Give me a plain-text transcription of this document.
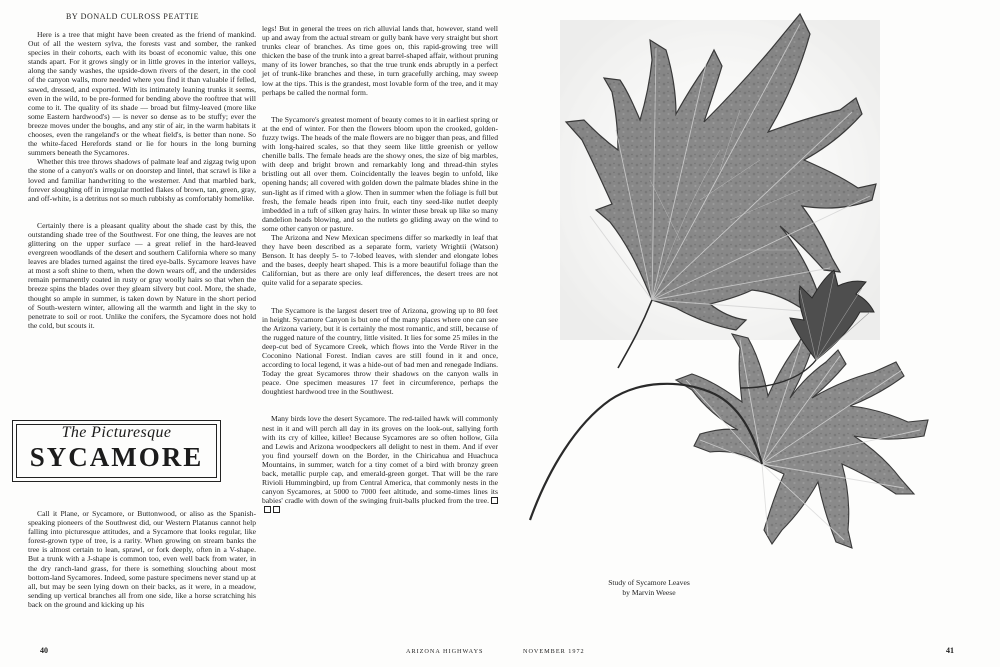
BY DONALD CULROSS PEATTIE

Here is a tree that might have been created as the friend of mankind. Out of all the western sylva, the forests vast and somber, the ranked species in their cohorts, each with its boast of economic value, this one stands apart. For it grows singly or in little groves in the interior valleys, along the sandy washes, the upside-down rivers of the desert, in the cool of the canyon walls, more needed where you find it than valuable if felled, sawed, dressed, and exported. With its intimately leaning trunks it seems, even in the wild, to be pre-formed for bending above the rooftree that will come to it. The quality of its shade — broad but filmy-leaved (more like some Eastern hardwood's) — is never so dense as to be stuffy; ever the breeze moves under the boughs, and any stir of air, in the warm habitats it chooses, even the rangeland's or the wheat field's, is better than none. So the white-faced Herefords stand or lie for hours in the long burning summers beneath the Sycamores.

Whether this tree throws shadows of palmate leaf and zigzag twig upon the stone of a canyon's walls or on doorstep and lintel, that scrawl is like a loved and familiar handwriting to the westerner. And that marbled bark, forever sloughing off in irregular mottled flakes of brown, tan, green, gray, and off-white, is a detritus not so much rubbishy as comfortably homelike.

Certainly there is a pleasant quality about the shade cast by this, the outstanding shade tree of the Southwest. For one thing, the leaves are not glittering on the upper surface — a great relief in the hard-leaved evergreen woodlands of the desert and southern California where so many leaves are blades turned against the tired eye-balls. Sycamore leaves have at most a soft shine to them, when the down wears off, and the undersides remain permanently coated in rusty or gray woolly hairs so that when the breeze spins the blades over they gleam silvery but cool. More, the shade, thought so ample in summer, is taken down by Nature in the short period of South-western winter, allowing all the warmth and light in the sky to penetrate to soil or root. Unlike the conifers, the Sycamore does not hold the cold, but scouts it.

The Picturesque
SYCAMORE

Call it Plane, or Sycamore, or Buttonwood, or aliso as the Spanish-speaking pioneers of the Southwest did, our Western Platanus cannot help falling into picturesque attitudes, and a Sycamore that looks regular, like forest-grown type of tree, is a rarity. When growing on stream banks the tree is almost certain to lean, sprawl, or fork deeply, often in a V-shape. But a trunk with a J-shape is common too, even well back from water, in the dry ranch-land grass, for there is something slouching about most bottom-land Sycamores. Indeed, some pasture specimens never stand up at all, but may be seen lying down on their backs, as it were, in a meadow, sending up vertical branches all from one side, like a horse scratching his back on the ground and kicking up his

legs! But in general the trees on rich alluvial lands that, however, stand well up and away from the actual stream or gully bank have very straight but short trunks clear of branches. As time goes on, this rapid-growing tree will thicken the base of the trunk into a great barrel-shaped affair, without pruning many of its lower branches, so that the true trunk ends abruptly in a perfect jet of trunk-like branches and these, in turn gracefully arching, may sweep low at the tips. This is the grandest, most lovable form of the tree, and it may perhaps be called the normal form.

The Sycamore's greatest moment of beauty comes to it in earliest spring or at the end of winter. For then the flowers bloom upon the crooked, golden-fuzzy twigs. The heads of the male flowers are no bigger than peas, and filled with long-haired scales, so that they seem like little greenish or yellow chenille balls. The female heads are the showy ones, the size of big marbles, with deep and bright brown and remarkably long and thread-thin styles bristling out all over them. Coincidentally the leaves begin to unfold, like opening hands; all covered with golden down the palmate blades shine in the sun-light as if rimed with a glow. Then in summer when the foliage is full but fresh, the female heads ripen into fruit, each tiny seed-like nutlet deeply imbedded in a tuft of silken gray hairs. In winter these break up like so many dandelion heads blowing, and so the nutlets go gliding away on the wind to some other canyon or pasture.

The Arizona and New Mexican specimens differ so markedly in leaf that they have been described as a separate form, variety Wrightii (Watson) Benson. It has deeply 5- to 7-lobed leaves, with slender and elongate lobes and the bases, deeply heart shaped. This is a more beautiful foliage than the Californian, but as there are only leaf differences, the desert trees are not quite valid for a separate species.

The Sycamore is the largest desert tree of Arizona, growing up to 80 feet in height. Sycamore Canyon is but one of the many places where one can see the Arizona variety, but it is certainly the most romantic, and still, because of the rugged nature of the country, little visited. It lies for some 25 miles in the deep-cut bed of Sycamore Creek, which flows into the Verde River in the Coconino National Forest. Indian caves are still found in it and once, according to local legend, it was a hide-out of bad men and renegade Indians. Today the great Sycamores throw their shadows on the canyon walls in peace. One specimen measures 17 feet in circumference, perhaps the doughtiest hardwood tree in the Southwest.

Many birds love the desert Sycamore. The red-tailed hawk will commonly nest in it and will perch all day in its groves on the look-out, sallying forth with its cry of killee, killee! Because Sycamores are so often hollow, Gila and Lewis and Arizona woodpeckers all delight to nest in them. And if ever you find yourself down on the Border, in the Chiricahua and Huachuca Mountains, in summer, watch for a tiny comet of a bird with bronzy green back, metallic purple cap, and emerald-green gorget. That will be the rare Rivioli Hummingbird, up from Central America, that commonly nests in the canyon Sycamores, at 5000 to 7000 feet altitude, and some-times lines its babies' cradle with down of the swinging fruit-balls plucked from the tree.

Study of Sycamore Leaves
by Marvin Weese
40	ARIZONA HIGHWAYS	NOVEMBER 1972	41
